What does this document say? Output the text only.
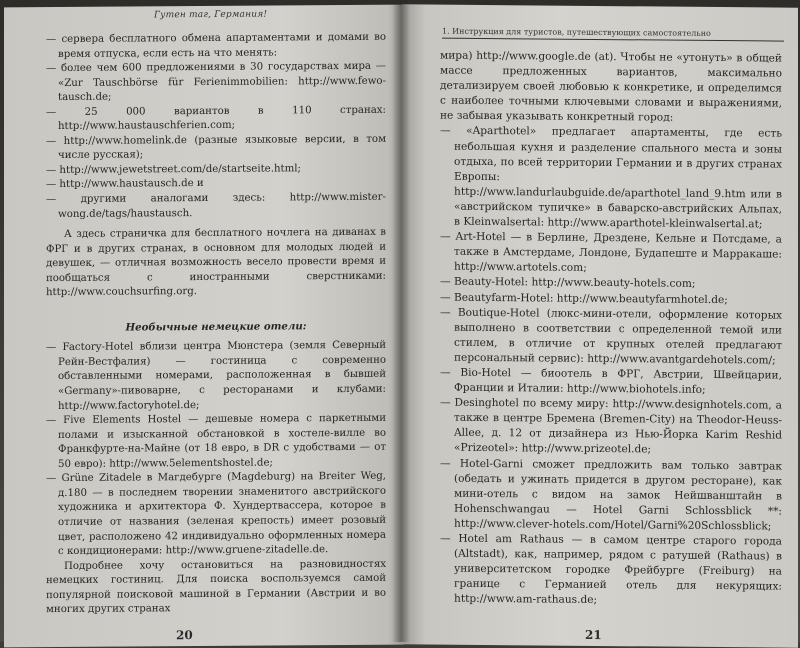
Гутен таг, Германия!

— сервера бесплатного обмена апартаментами и домами во время отпуска, если есть на что менять:

— более чем 600 предложениями в 30 государствах мира — «Zur Tauschbörse für Ferienimmobilien: http://www.fewo-tausch.de;

— 25 000 вариантов в 110 странах: http://www.haustauschferien.com;

— http://www.homelink.de (разные языковые версии, в том числе русская);

— http://www.jewetstreet.com/de/startseite.html;

— http://www.haustausch.de и

— другими аналогами здесь: http://www.mister-wong.de/tags/haustausch.

А здесь страничка для бесплатного ночлега на диванах в ФРГ и в других странах, в основном для молодых людей и девушек, — отличная возможность весело провести время и пообщаться с иностранными сверстниками: http://www.couchsurfing.org.

Необычные немецкие отели:

— Factory-Hotel вблизи центра Мюнстера (земля Северный Рейн-Вестфалия) — гостиница с современно обставленными номерами, расположенная в бывшей «Germany»-пивоварне, с ресторанами и клубами: http://www.factoryhotel.de;

— Five Elements Hostel — дешевые номера с паркетными полами и изысканной обстановкой в хостеле-вилле во Франкфурте-на-Майне (от 18 евро, в DR с удобствами — от 50 евро): http://www.5elementshostel.de;

— Grüne Zitadele в Магдебурге (Magdeburg) на Breiter Weg, д.180 — в последнем творении знаменитого австрийского художника и архитектора Ф. Хундертвассера, которое в отличие от названия (зеленая крепость) имеет розовый цвет, расположено 42 индивидуально оформленных номера с кондиционерами: http://www.gruene-zitadelle.de.

Подробнее хочу остановиться на разновидностях немецких гостиниц. Для поиска воспользуемся самой популярной поисковой машиной в Германии (Австрии и во многих других странах

20
1. Инструкция для туристов, путешествующих самостоятельно

мира) http://www.google.de (at). Чтобы не «утонуть» в общей массе предложенных вариантов, максимально детализируем своей любовью к конкретике, и определимся с наиболее точными ключевыми словами и выражениями, не забывая указывать конкретный город:

— «Aparthotel» предлагает апартаменты, где есть небольшая кухня и разделение спального места и зоны отдыха, по всей территории Германии и в других странах Европы: http://www.landurlaubguide.de/aparthotel_land_9.htm или в «австрийском тупичке» в баварско-австрийских Альпах, в Kleinwalsertal: http://www.aparthotel-kleinwalsertal.at;

— Art-Hotel — в Берлине, Дрездене, Кельне и Потсдаме, а также в Амстердаме, Лондоне, Будапеште и Марракаше: http://www.artotels.com;

— Beauty-Hotel: http://www.beauty-hotels.com;

— Beautyfarm-Hotel: http://www.beautyfarmhotel.de;

— Boutique-Hotel (люкс-мини-отели, оформление которых выполнено в соответствии с определенной темой или стилем, в отличие от крупных отелей предлагают персональный сервис): http://www.avantgardehotels.com/;

— Bio-Hotel — биоотель в ФРГ, Австрии, Швейцарии, Франции и Италии: http://www.biohotels.info;

— Desinghotel по всему миру: http://www.designhotels.com, а также в центре Бремена (Bremen-City) на Theodor-Heuss-Allee, д. 12 от дизайнера из Нью-Йорка Karim Reshid «Prizeotel»: http://www.prizeotel.de;

— Hotel-Garni сможет предложить вам только завтрак (обедать и ужинать придется в другом ресторане), как мини-отель с видом на замок Нейшванштайн в Hohenschwangau — Hotel Garni Schlossblick **: http://www.clever-hotels.com/Hotel/Garni%20Schlossblick;

— Hotel am Rathaus — в самом центре старого города (Altstadt), как, например, рядом с ратушей (Rathaus) в университетском городке Фрейбурге (Freiburg) на границе с Германией отель для некурящих: http://www.am-rathaus.de;

21
